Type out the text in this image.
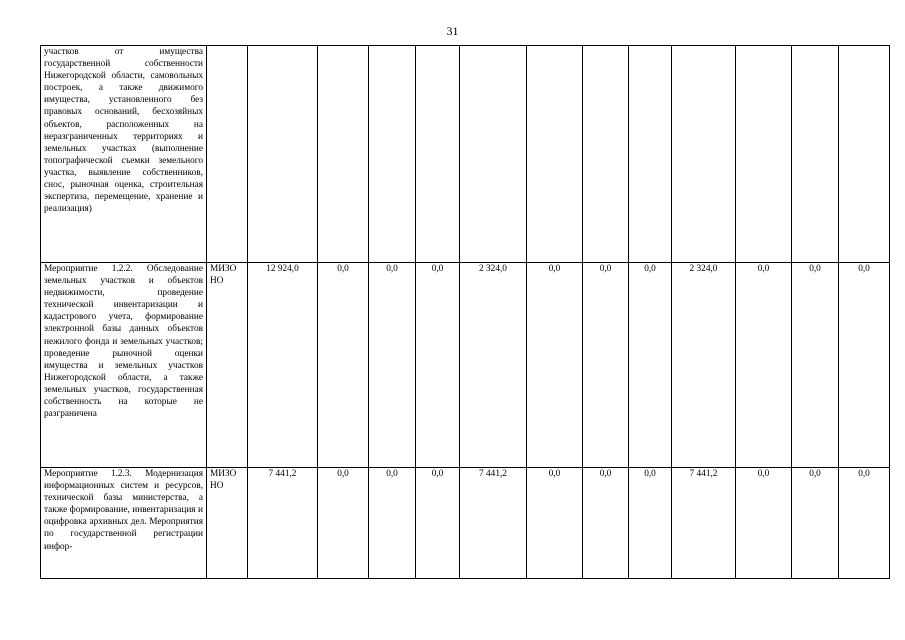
31
участков от имущества государственной собственности Нижегородской области, самовольных построек, а также движимого имущества, установленного без правовых оснований, бесхозяйных объектов, расположенных на неразграниченных территориях и земельных участках (выполнение топографической съемки земельного участка, выявление собственников, снос, рыночная оценка, строительная экспертиза, перемещение, хранение и реализация)													
Мероприятие 1.2.2. Обследование земельных участков и объектов недвижимости, проведение технической инвентаризации и кадастрового учета, формирование электронной базы данных объектов нежилого фонда и земельных участков; проведение рыночной оценки имущества и земельных участков Нижегородской области, а также земельных участков, государственная собственность на которые не разграничена	МИЗО НО	12 924,0	0,0	0,0	0,0	2 324,0	0,0	0,0	0,0	2 324,0	0,0	0,0	0,0
Мероприятие 1.2.3. Модернизация информационных систем и ресурсов, технической базы министерства, а также формирование, инвентаризация и оцифровка архивных дел. Мероприятия по государственной регистрации инфор-	МИЗО НО	7 441,2	0,0	0,0	0,0	7 441,2	0,0	0,0	0,0	7 441,2	0,0	0,0	0,0
